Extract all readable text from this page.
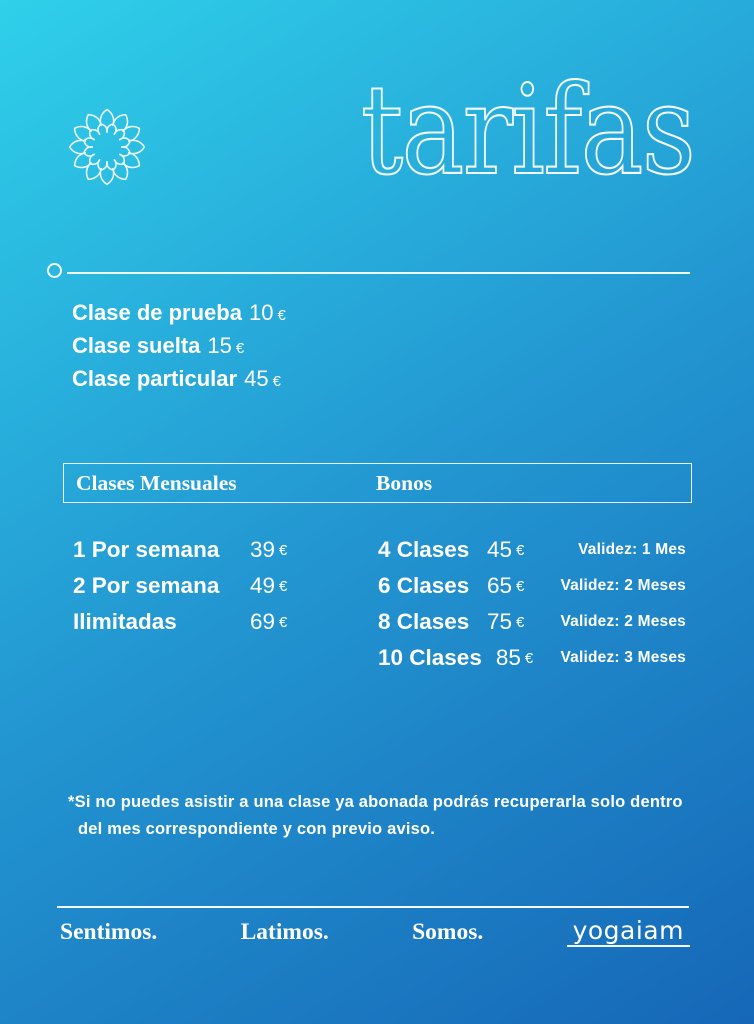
tarifas
Clase de prueba 10 €
Clase suelta 15 €
Clase particular 45 €
Clases Mensuales	Bonos
1 Por semana	39 €
2 Por semana	49 €
Ilimitadas	69 €
4 Clases 45 €	Validez: 1 Mes
6 Clases 65 € Validez: 2 Meses
8 Clases 75 € Validez: 2 Meses
10 Clases 85 € Validez: 3 Meses
*Si no puedes asistir a una clase ya abonada podrás recuperarla solo dentro
del mes correspondiente y con previo aviso.
Sentimos.	Latimos.	Somos.	yogaiam
